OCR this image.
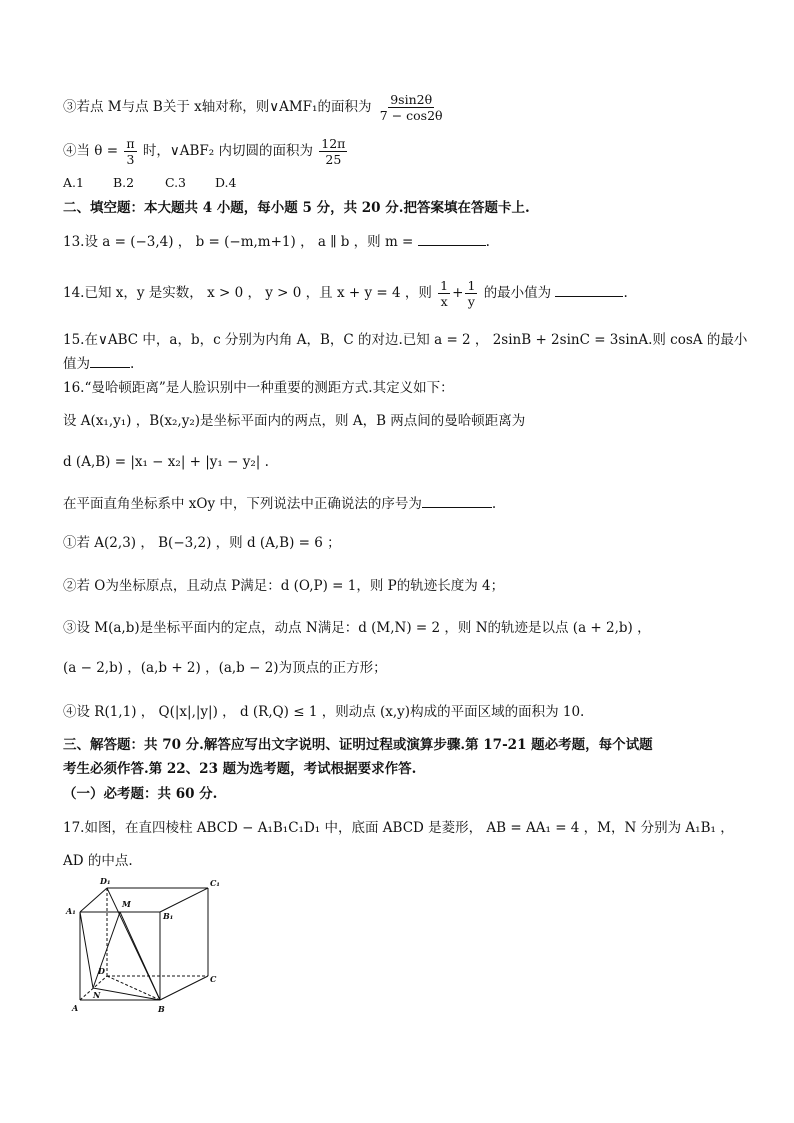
③若点 M与点 B关于 x轴对称，则∨AMF₁的面积为 $\frac{9\sin 2\theta}{7 - \cos 2\theta}$
④当 $\theta = \frac{\pi}{3}$ 时，∨ABF₂ 内切圆的面积为 $\frac{12\pi}{25}$
A.1 B.2 C.3 D.4
二、填空题：本大题共 4 小题，每小题 5 分，共 20 分.把答案填在答题卡上.
13.设 a = (−3,4) ， b = (−m,m+1) ， a ∥ b ，则 m =	.
14.已知 x，y 是实数， x > 0 ， y > 0 ，且 x + y = 4 ，则 $\frac{1}{x} + \frac{1}{y}$ 的最小值为	.
15.在∨ABC 中，a，b，c 分别为内角 A，B，C 的对边.已知 a = 2 ， 2sinB + 2sinC = 3sinA.则 cosA 的最小
值为	.
16.“曼哈顿距离”是人脸识别中一种重要的测距方式.其定义如下：
设 A(x₁,y₁) ，B(x₂,y₂)是坐标平面内的两点，则 A，B 两点间的曼哈顿距离为
d (A,B) = |x₁ − x₂| + |y₁ − y₂| .
在平面直角坐标系中 xOy 中，下列说法中正确说法的序号为	.
①若 A(2,3) ， B(−3,2) ，则 d (A,B) = 6 ；
②若 O为坐标原点，且动点 P满足：d (O,P) = 1，则 P的轨迹长度为 4；
③设 M(a,b)是坐标平面内的定点，动点 N满足：d (M,N) = 2 ，则 N的轨迹是以点 (a + 2,b) ，
(a − 2,b) ，(a,b + 2) ，(a,b − 2)为顶点的正方形；
④设 R(1,1) ， Q(|x|,|y|) ， d (R,Q) ≤ 1 ，则动点 (x,y)构成的平面区域的面积为 10.
三、解答题：共 70 分.解答应写出文字说明、证明过程或演算步骤.第 17-21 题必考题，每个试题
考生必须作答.第 22、23 题为选考题，考试根据要求作答.
（一）必考题：共 60 分.
17.如图，在直四棱柱 ABCD − A₁B₁C₁D₁ 中，底面 ABCD 是菱形， AB = AA₁ = 4 ，M，N 分别为 A₁B₁ ，
AD 的中点.
A₁
D₁	C₁
B₁
M
D
C
A
N
B
